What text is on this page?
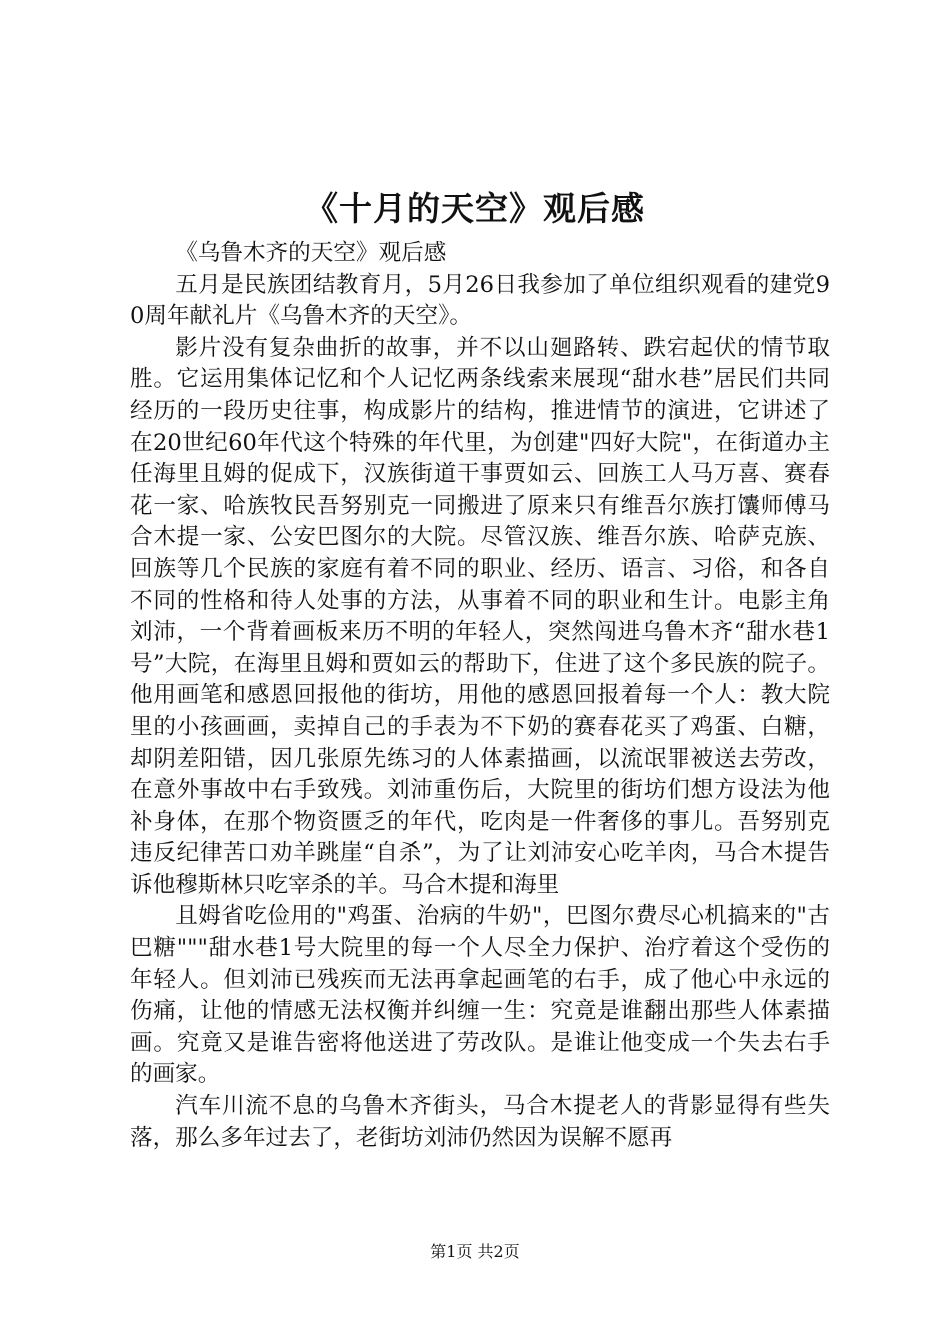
《十月的天空》观后感

《乌鲁木齐的天空》观后感

五月是民族团结教育月，5月26日我参加了单位组织观看的建党90周年献礼片《乌鲁木齐的天空》。

影片没有复杂曲折的故事，并不以山廻路转、跌宕起伏的情节取胜。它运用集体记忆和个人记忆两条线索来展现“甜水巷”居民们共同经历的一段历史往事，构成影片的结构，推进情节的演进，它讲述了在20世纪60年代这个特殊的年代里，为创建"四好大院"，在街道办主任海里且姆的促成下，汉族街道干事贾如云、回族工人马万喜、赛春花一家、哈族牧民吾努别克一同搬进了原来只有维吾尔族打馕师傅马合木提一家、公安巴图尔的大院。尽管汉族、维吾尔族、哈萨克族、回族等几个民族的家庭有着不同的职业、经历、语言、习俗，和各自不同的性格和待人处事的方法，从事着不同的职业和生计。电影主角刘沛，一个背着画板来历不明的年轻人，突然闯进乌鲁木齐“甜水巷1号”大院，在海里且姆和贾如云的帮助下，住进了这个多民族的院子。他用画笔和感恩回报他的街坊，用他的感恩回报着每一个人：教大院里的小孩画画，卖掉自己的手表为不下奶的赛春花买了鸡蛋、白糖，却阴差阳错，因几张原先练习的人体素描画，以流氓罪被送去劳改，在意外事故中右手致残。刘沛重伤后，大院里的街坊们想方设法为他补身体，在那个物资匮乏的年代，吃肉是一件奢侈的事儿。吾努别克违反纪律苦口劝羊跳崖“自杀”，为了让刘沛安心吃羊肉，马合木提告诉他穆斯林只吃宰杀的羊。马合木提和海里

且姆省吃俭用的"鸡蛋、治病的牛奶"，巴图尔费尽心机搞来的"古巴糖"""甜水巷1号大院里的每一个人尽全力保护、治疗着这个受伤的年轻人。但刘沛已残疾而无法再拿起画笔的右手，成了他心中永远的伤痛，让他的情感无法权衡并纠缠一生：究竟是谁翻出那些人体素描画。究竟又是谁告密将他送进了劳改队。是谁让他变成一个失去右手的画家。

汽车川流不息的乌鲁木齐街头，马合木提老人的背影显得有些失落，那么多年过去了，老街坊刘沛仍然因为误解不愿再

第1页 共2页
